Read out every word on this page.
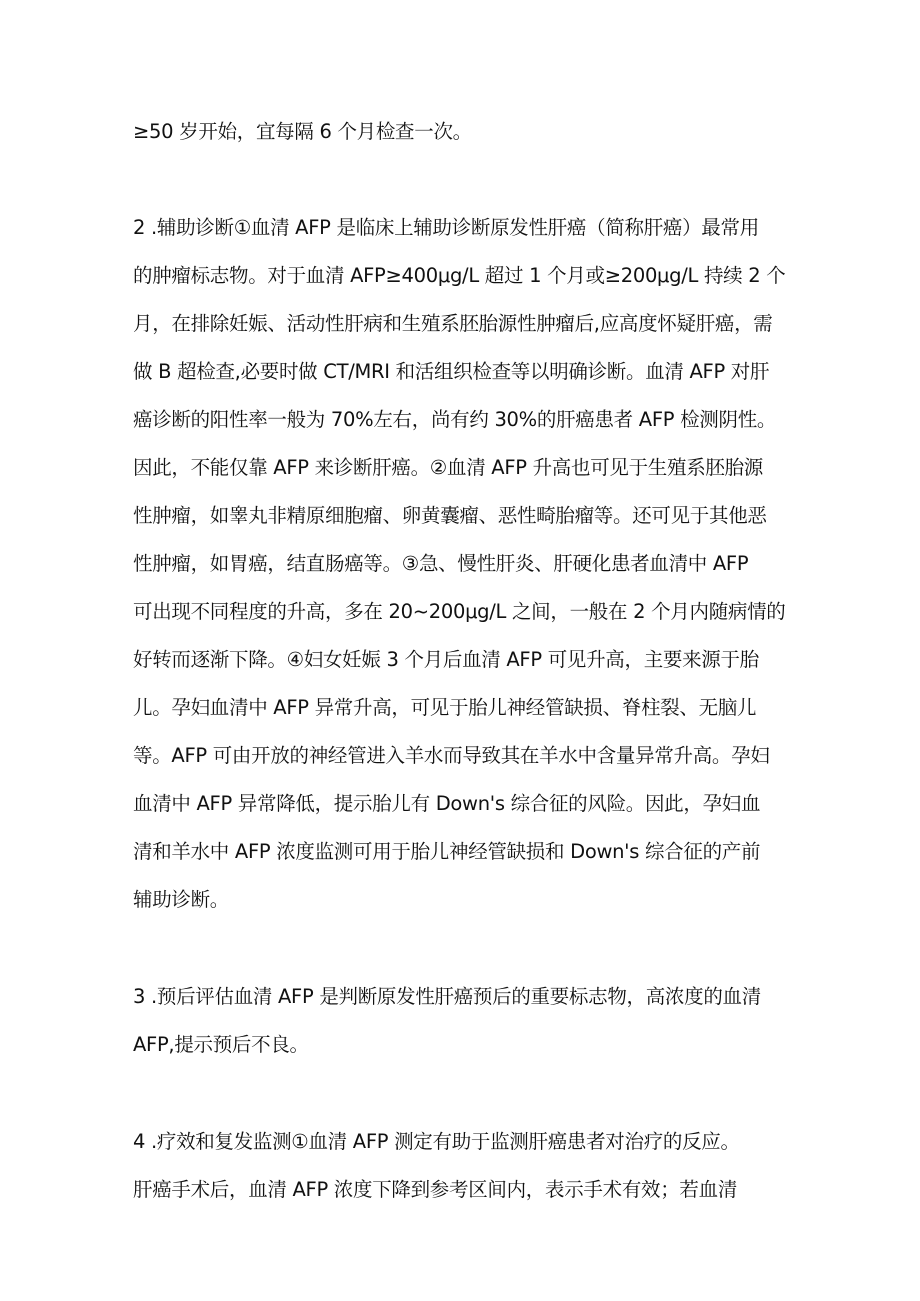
≥50 岁开始，宜每隔 6 个月检查一次。
2 .辅助诊断①血清 AFP 是临床上辅助诊断原发性肝癌（简称肝癌）最常用
的肿瘤标志物。对于血清 AFP≥400μg/L 超过 1 个月或≥200μg/L 持续 2 个
月，在排除妊娠、活动性肝病和生殖系胚胎源性肿瘤后,应高度怀疑肝癌，需
做 B 超检查,必要时做 CT/MRI 和活组织检查等以明确诊断。血清 AFP 对肝
癌诊断的阳性率一般为 70%左右，尚有约 30%的肝癌患者 AFP 检测阴性。
因此，不能仅靠 AFP 来诊断肝癌。②血清 AFP 升高也可见于生殖系胚胎源
性肿瘤，如睾丸非精原细胞瘤、卵黄囊瘤、恶性畸胎瘤等。还可见于其他恶
性肿瘤，如胃癌，结直肠癌等。③急、慢性肝炎、肝硬化患者血清中 AFP
可出现不同程度的升高，多在 20~200μg/L 之间，一般在 2 个月内随病情的
好转而逐渐下降。④妇女妊娠 3 个月后血清 AFP 可见升高，主要来源于胎
儿。孕妇血清中 AFP 异常升高，可见于胎儿神经管缺损、脊柱裂、无脑儿
等。AFP 可由开放的神经管进入羊水而导致其在羊水中含量异常升高。孕妇
血清中 AFP 异常降低，提示胎儿有 Down's 综合征的风险。因此，孕妇血
清和羊水中 AFP 浓度监测可用于胎儿神经管缺损和 Down's 综合征的产前
辅助诊断。
3 .预后评估血清 AFP 是判断原发性肝癌预后的重要标志物，高浓度的血清
AFP,提示预后不良。
4 .疗效和复发监测①血清 AFP 测定有助于监测肝癌患者对治疗的反应。
肝癌手术后，血清 AFP 浓度下降到参考区间内，表示手术有效；若血清
